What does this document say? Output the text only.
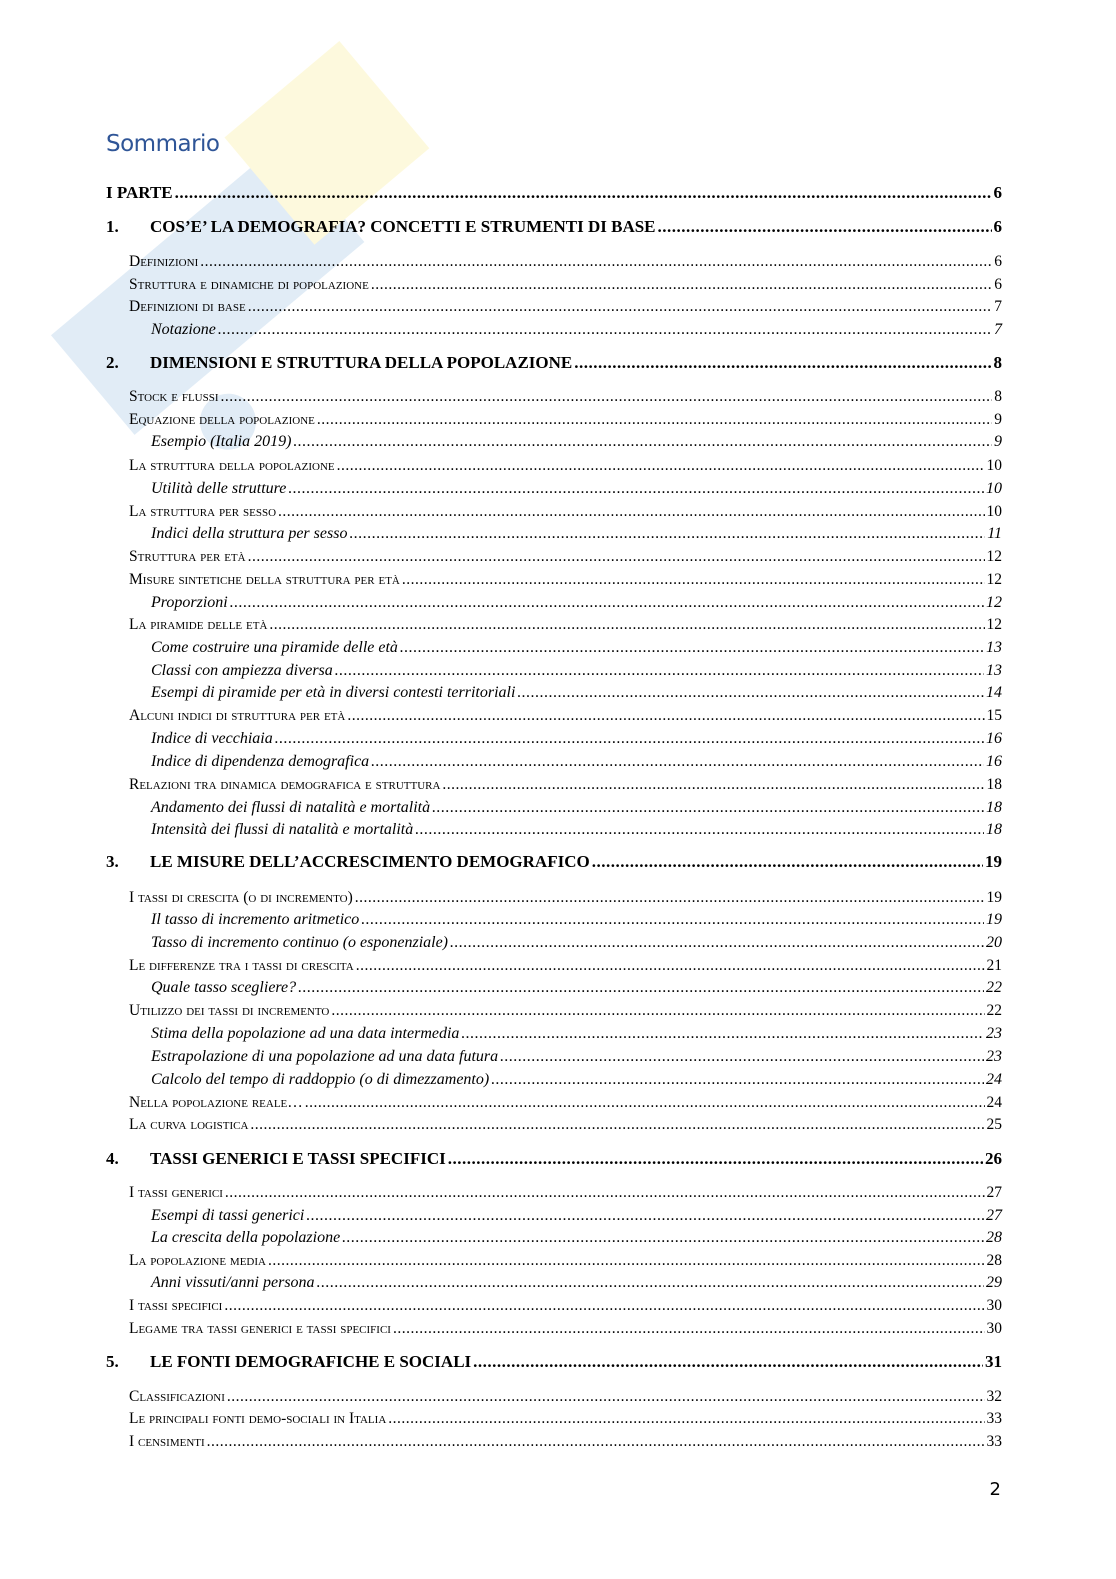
Sommario
I PARTE .....	6
1.	COS’E’ LA DEMOGRAFIA? CONCETTI E STRUMENTI DI BASE .....	6
Definizioni .....	6
Struttura e dinamiche di popolazione .....	6
Definizioni di base .....	7
Notazione .....	7
2.	DIMENSIONI E STRUTTURA DELLA POPOLAZIONE .....	8
Stock e flussi .....	8
Equazione della popolazione .....	9
Esempio (Italia 2019) .....	9
La struttura della popolazione .....	10
Utilità delle strutture .....	10
La struttura per sesso .....	10
Indici della struttura per sesso .....	11
Struttura per età .....	12
Misure sintetiche della struttura per età .....	12
Proporzioni .....	12
La piramide delle età .....	12
Come costruire una piramide delle età .....	13
Classi con ampiezza diversa .....	13
Esempi di piramide per età in diversi contesti territoriali .....	14
Alcuni indici di struttura per età .....	15
Indice di vecchiaia .....	16
Indice di dipendenza demografica .....	16
Relazioni tra dinamica demografica e struttura .....	18
Andamento dei flussi di natalità e mortalità .....	18
Intensità dei flussi di natalità e mortalità .....	18
3.	LE MISURE DELL’ACCRESCIMENTO DEMOGRAFICO .....	19
I tassi di crescita (o di incremento) .....	19
Il tasso di incremento aritmetico .....	19
Tasso di incremento continuo (o esponenziale) .....	20
Le differenze tra i tassi di crescita .....	21
Quale tasso scegliere? .....	22
Utilizzo dei tassi di incremento .....	22
Stima della popolazione ad una data intermedia .....	23
Estrapolazione di una popolazione ad una data futura .....	23
Calcolo del tempo di raddoppio (o di dimezzamento) .....	24
Nella popolazione reale… .....	24
La curva logistica .....	25
4.	TASSI GENERICI E TASSI SPECIFICI .....	26
I tassi generici .....	27
Esempi di tassi generici .....	27
La crescita della popolazione .....	28
La popolazione media .....	28
Anni vissuti/anni persona .....	29
I tassi specifici .....	30
Legame tra tassi generici e tassi specifici .....	30
5.	LE FONTI DEMOGRAFICHE E SOCIALI .....	31
Classificazioni .....	32
Le principali fonti demo-sociali in Italia .....	33
I censimenti .....	33
2
